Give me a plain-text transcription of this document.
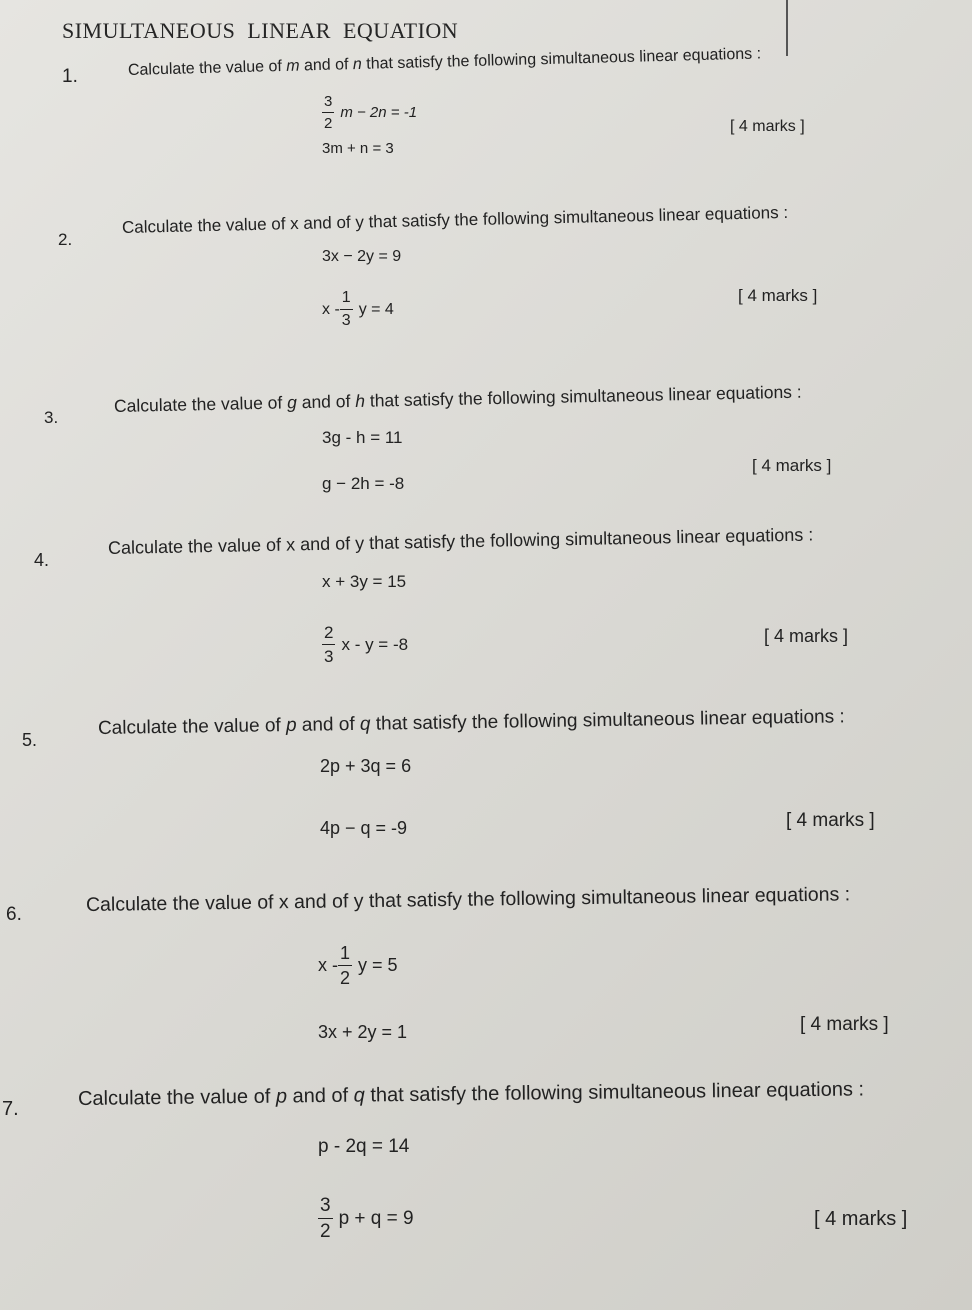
SIMULTANEOUS LINEAR EQUATION
1.	Calculate the value of m and of n that satisfy the following simultaneous linear equations :
$\frac{3}{2}$ m − 2n = -1
3m + n = 3
[ 4 marks ]
2.
Calculate the value of x and of y that satisfy the following simultaneous linear equations :
3x − 2y = 9
x - $\frac{1}{3}$ y = 4
[ 4 marks ]
3.
Calculate the value of g and of h that satisfy the following simultaneous linear equations :
3g - h = 11
g − 2h = -8
[ 4 marks ]
4.
Calculate the value of x and of y that satisfy the following simultaneous linear equations :
x + 3y = 15
$\frac{2}{3}$ x - y = -8	[ 4 marks ]
5.
Calculate the value of p and of q that satisfy the following simultaneous linear equations :
2p + 3q = 6
4p − q = -9	[ 4 marks ]
6.	Calculate the value of x and of y that satisfy the following simultaneous linear equations :
x - $\frac{1}{2}$ y = 5
3x + 2y = 1	[ 4 marks ]
7.	Calculate the value of p and of q that satisfy the following simultaneous linear equations :
p - 2q = 14
$\frac{3}{2}$ p + q = 9	[ 4 marks ]
